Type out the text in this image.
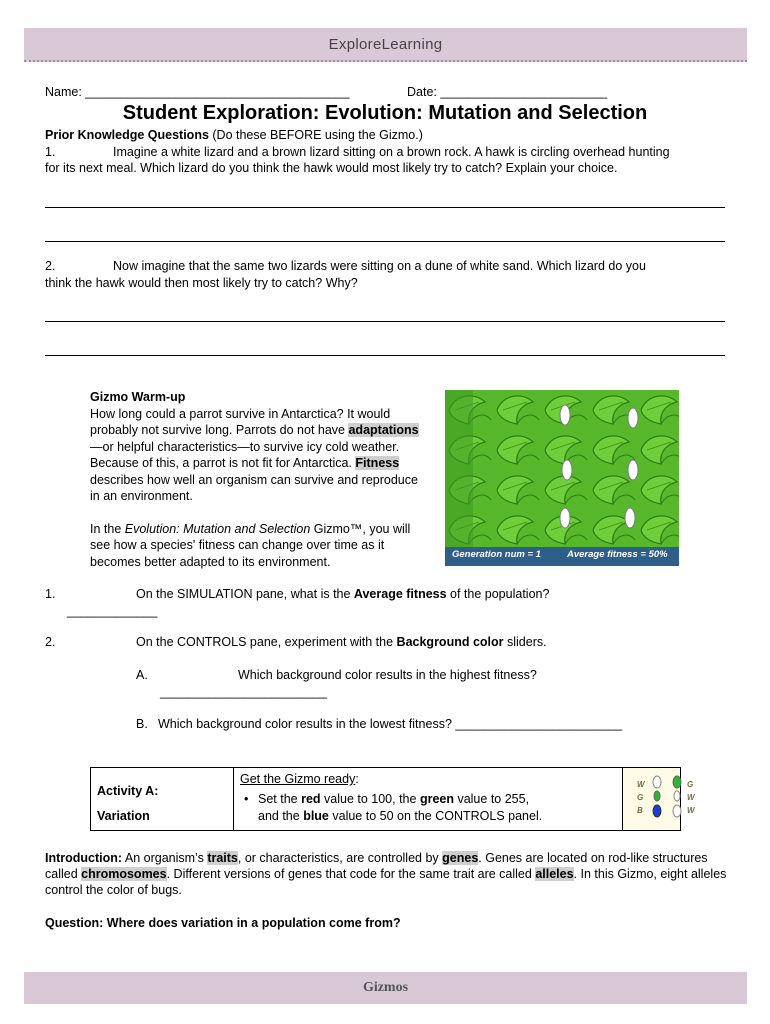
ExploreLearning
Name: ______________________________________	Date: ________________________
Student Exploration: Evolution: Mutation and Selection
Prior Knowledge Questions (Do these BEFORE using the Gizmo.)
1.	Imagine a white lizard and a brown lizard sitting on a brown rock. A hawk is circling overhead hunting
for its next meal. Which lizard do you think the hawk would most likely try to catch? Explain your choice.
2.	Now imagine that the same two lizards were sitting on a dune of white sand. Which lizard do you
think the hawk would then most likely try to catch? Why?
Gizmo Warm-up
How long could a parrot survive in Antarctica? It would probably not survive long. Parrots do not have adaptations—or helpful characteristics—to survive icy cold weather. Because of this, a parrot is not fit for Antarctica. Fitness describes how well an organism can survive and reproduce in an environment.
In the Evolution: Mutation and Selection Gizmo™, you will see how a species' fitness can change over time as it becomes better adapted to its environment.	Generation num = 1	Average fitness = 50%
1.	On the SIMULATION pane, what is the Average fitness of the population?
_____________
2.	On the CONTROLS pane, experiment with the Background color sliders.
A.	Which background color results in the highest fitness?
________________________
B. Which background color results in the lowest fitness? ________________________
Activity A:
Variation

Get the Gizmo ready:
• Set the red value to 100, the green value to 255,
and the blue value to 50 on the CONTROLS panel.

W
G
B
G
W
W
Introduction: An organism’s traits, or characteristics, are controlled by genes. Genes are located on rod-like structures called chromosomes. Different versions of genes that code for the same trait are called alleles. In this Gizmo, eight alleles control the color of bugs.
Question: Where does variation in a population come from?
Gizmos
